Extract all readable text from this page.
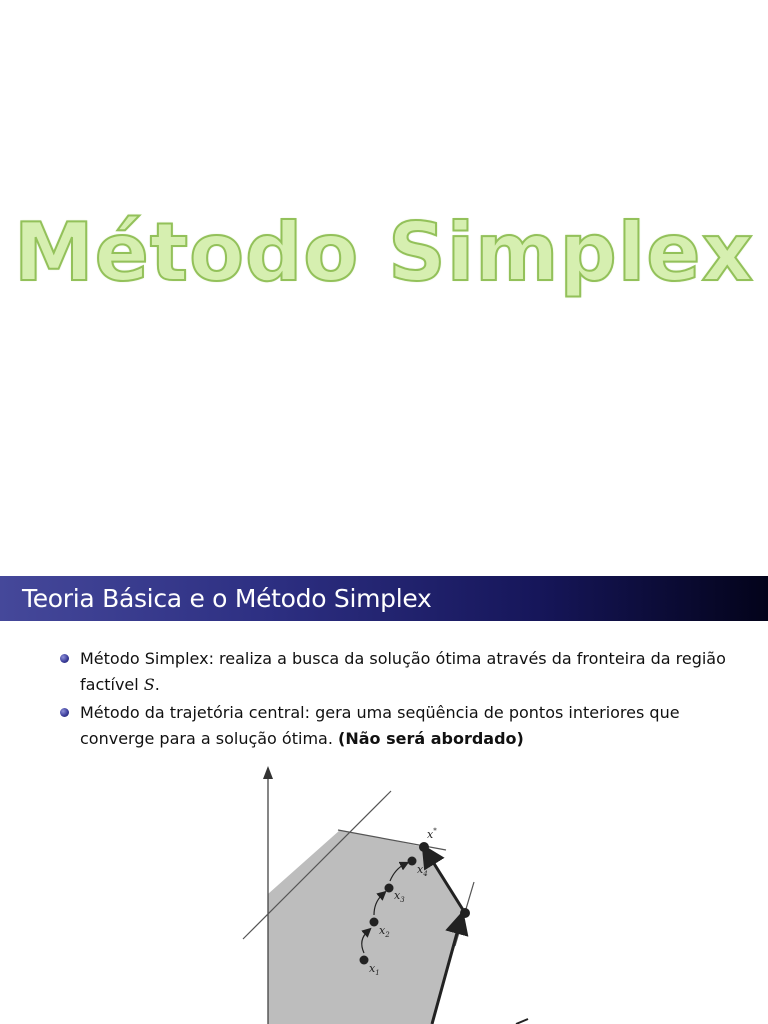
Método Simplex
Teoria Básica e o Método Simplex
Método Simplex: realiza a busca da solução ótima através da fronteira da região factível S.
Método da trajetória central: gera uma seqüência de pontos interiores que converge para a solução ótima. (Não será abordado)
x*
$x_1$
$x_2$
$x_3$
$x_4$
